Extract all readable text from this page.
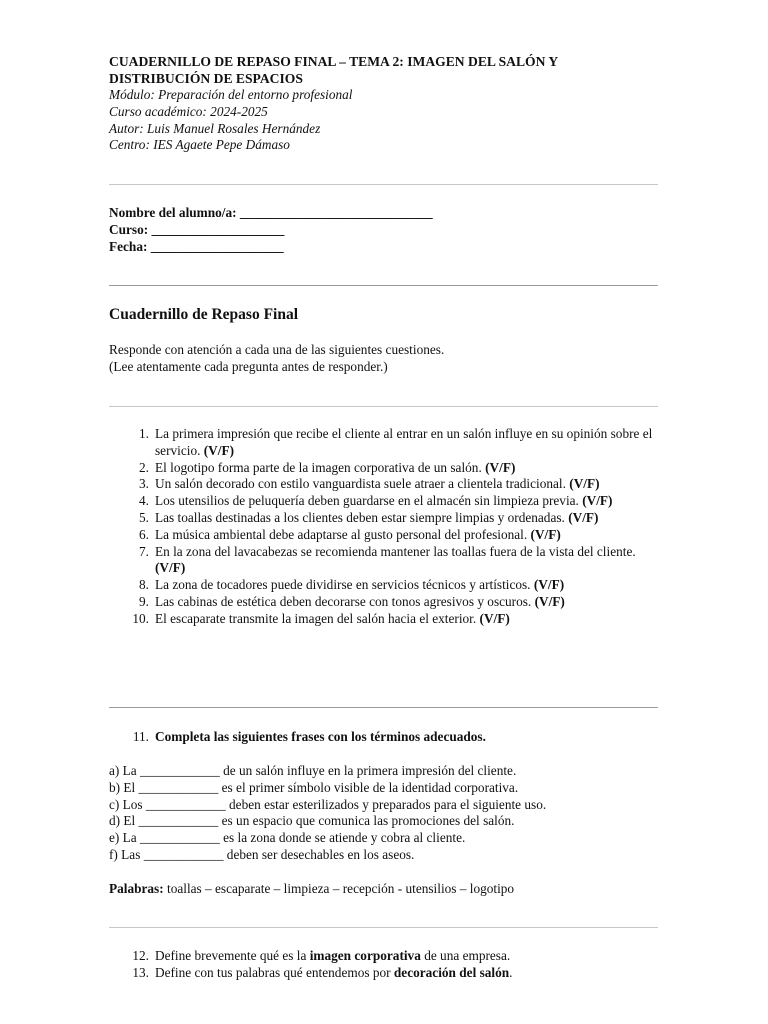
CUADERNILLO DE REPASO FINAL – TEMA 2: IMAGEN DEL SALÓN Y DISTRIBUCIÓN DE ESPACIOS
Módulo: Preparación del entorno profesional
Curso académico: 2024-2025
Autor: Luis Manuel Rosales Hernández
Centro: IES Agaete Pepe Dámaso
Nombre del alumno/a: _____________________________
Curso: ____________________
Fecha: ____________________
Cuadernillo de Repaso Final
Responde con atención a cada una de las siguientes cuestiones.
(Lee atentamente cada pregunta antes de responder.)
1. La primera impresión que recibe el cliente al entrar en un salón influye en su opinión sobre el servicio. (V/F)
2. El logotipo forma parte de la imagen corporativa de un salón. (V/F)
3. Un salón decorado con estilo vanguardista suele atraer a clientela tradicional. (V/F)
4. Los utensilios de peluquería deben guardarse en el almacén sin limpieza previa. (V/F)
5. Las toallas destinadas a los clientes deben estar siempre limpias y ordenadas. (V/F)
6. La música ambiental debe adaptarse al gusto personal del profesional. (V/F)
7. En la zona del lavacabezas se recomienda mantener las toallas fuera de la vista del cliente. (V/F)
8. La zona de tocadores puede dividirse en servicios técnicos y artísticos. (V/F)
9. Las cabinas de estética deben decorarse con tonos agresivos y oscuros. (V/F)
10. El escaparate transmite la imagen del salón hacia el exterior. (V/F)
11. Completa las siguientes frases con los términos adecuados.
a) La ____________ de un salón influye en la primera impresión del cliente.
b) El ____________ es el primer símbolo visible de la identidad corporativa.
c) Los ____________ deben estar esterilizados y preparados para el siguiente uso.
d) El ____________ es un espacio que comunica las promociones del salón.
e) La ____________ es la zona donde se atiende y cobra al cliente.
f) Las ____________ deben ser desechables en los aseos.
Palabras: toallas – escaparate – limpieza – recepción - utensilios – logotipo
12. Define brevemente qué es la imagen corporativa de una empresa.
13. Define con tus palabras qué entendemos por decoración del salón.
